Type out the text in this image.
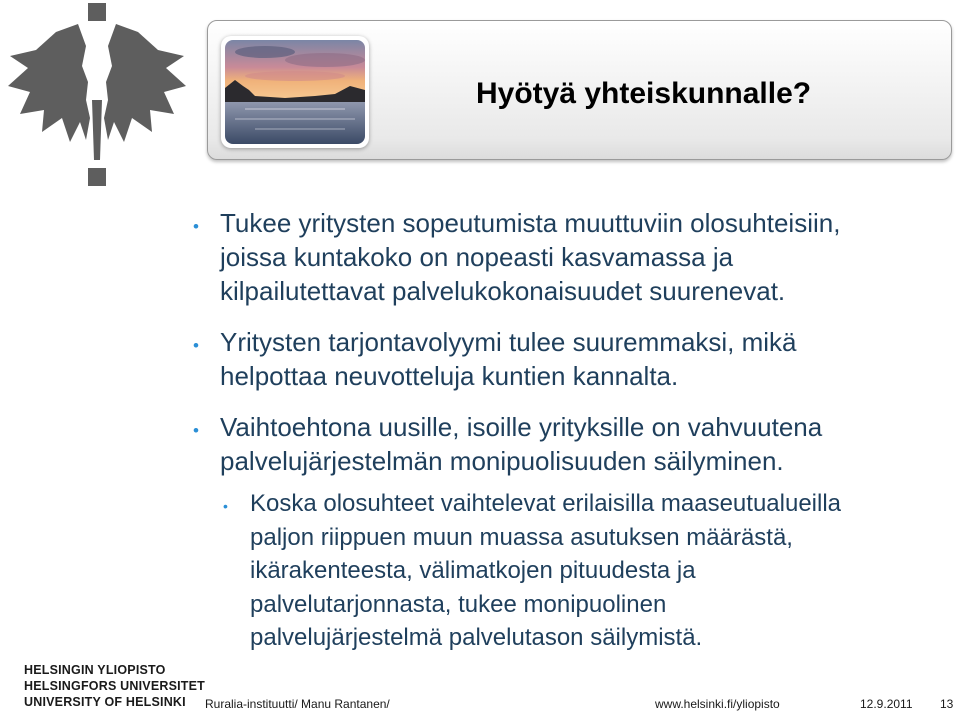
Hyötyä yhteiskunnalle?
• Tukee yritysten sopeutumista muuttuviin olosuhteisiin,
joissa kuntakoko on nopeasti kasvamassa ja
kilpailutettavat palvelukokonaisuudet suurenevat.
• Yritysten tarjontavolyymi tulee suuremmaksi, mikä
helpottaa neuvotteluja kuntien kannalta.
• Vaihtoehtona uusille, isoille yrityksille on vahvuutena
palvelujärjestelmän monipuolisuuden säilyminen.
• Koska olosuhteet vaihtelevat erilaisilla maaseutualueilla
paljon riippuen muun muassa asutuksen määrästä,
ikärakenteesta, välimatkojen pituudesta ja
palvelutarjonnasta, tukee monipuolinen
palvelujärjestelmä palvelutason säilymistä.
HELSINGIN YLIOPISTO
HELSINGFORS UNIVERSITET
UNIVERSITY OF HELSINKI	Ruralia-instituutti/ Manu Rantanen/	www.helsinki.fi/yliopisto	12.9.2011 13
